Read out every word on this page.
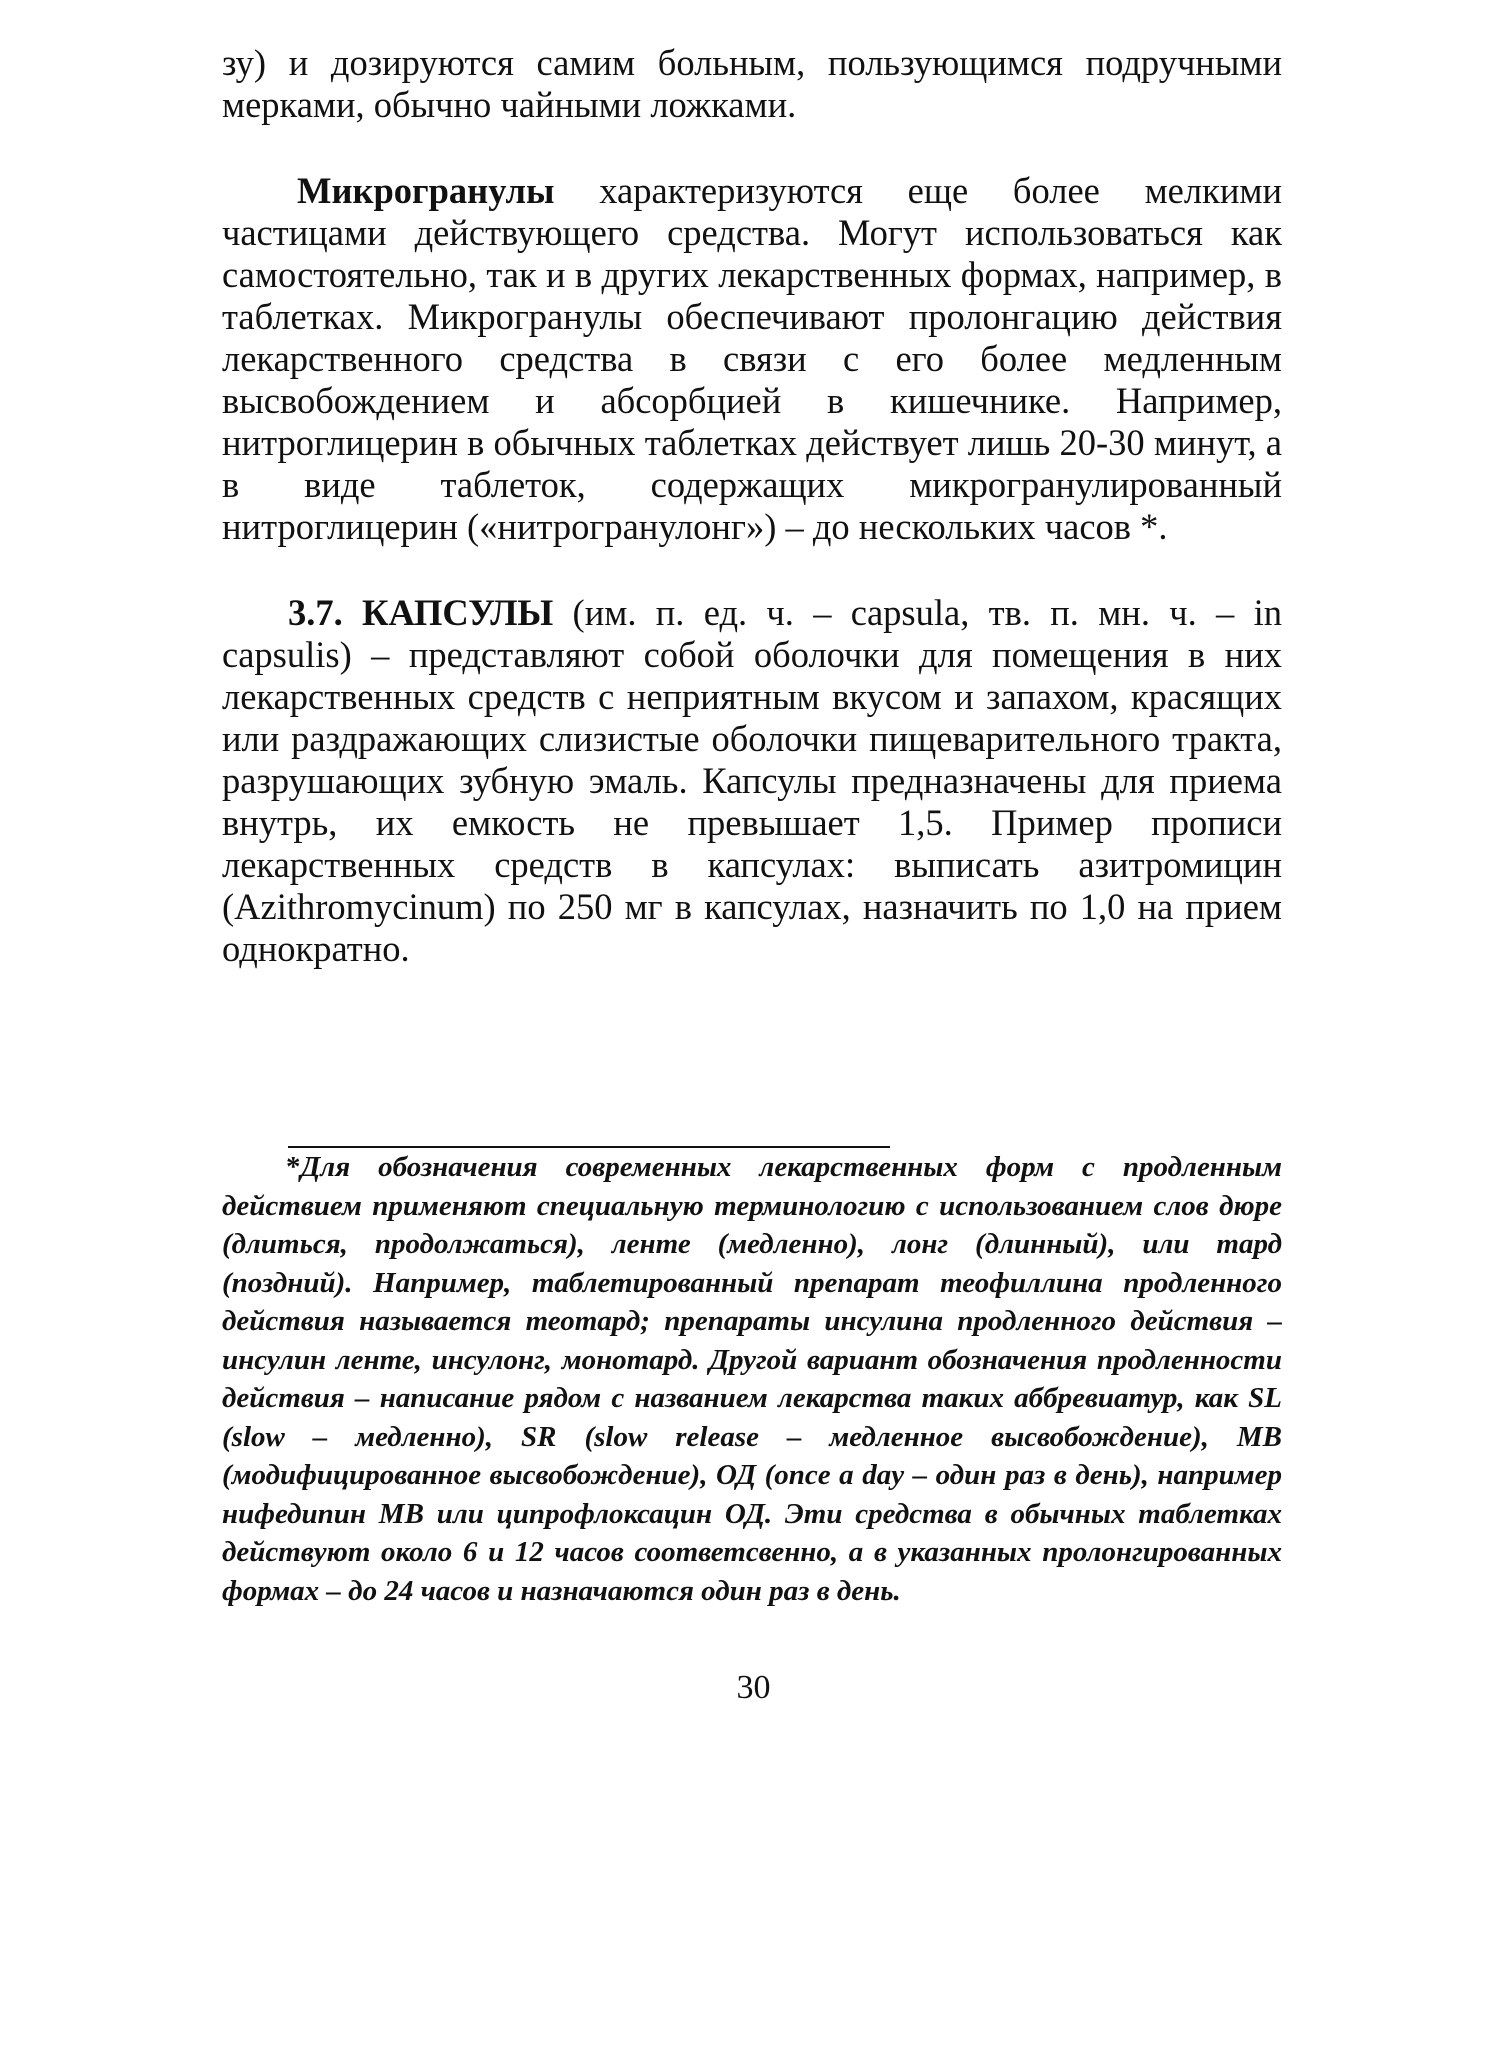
зу) и дозируются самим больным, пользующимся подручными мерками, обычно чайными ложками.

Микрогранулы характеризуются еще более мелкими частицами действующего средства. Могут использоваться как самостоятельно, так и в других лекарственных формах, например, в таблетках. Микрогранулы обеспечивают пролонгацию действия лекарственного средства в связи с его более медленным высвобождением и абсорбцией в кишечнике. Например, нитроглицерин в обычных таблетках действует лишь 20-30 минут, а в виде таблеток, содержащих микрогранулированный нитроглицерин («нитрогранулонг») – до нескольких часов *.

3.7. КАПСУЛЫ (им. п. ед. ч. – capsula, тв. п. мн. ч. – in capsulis) – представляют собой оболочки для помещения в них лекарственных средств с неприятным вкусом и запахом, красящих или раздражающих слизистые оболочки пищеварительного тракта, разрушающих зубную эмаль. Капсулы предназначены для приема внутрь, их емкость не превышает 1,5. Пример прописи лекарственных средств в капсулах: выписать азитромицин (Azithromycinum) по 250 мг в капсулах, назначить по 1,0 на прием однократно.

*Для обозначения современных лекарственных форм с продленным действием применяют специальную терминологию с использованием слов дюре (длиться, продолжаться), ленте (медленно), лонг (длинный), или тард (поздний). Например, таблетированный препарат теофиллина продленного действия называется теотард; препараты инсулина продленного действия – инсулин ленте, инсулонг, монотард. Другой вариант обозначения продленности действия – написание рядом с названием лекарства таких аббревиатур, как SL (slow – медленно), SR (slow release – медленное высвобождение), MB (модифицированное высвобождение), ОД (once a day – один раз в день), например нифедипин MB или ципрофлоксацин ОД. Эти средства в обычных таблетках действуют около 6 и 12 часов соответсвенно, а в указанных пролонгированных формах – до 24 часов и назначаются один раз в день.

30
